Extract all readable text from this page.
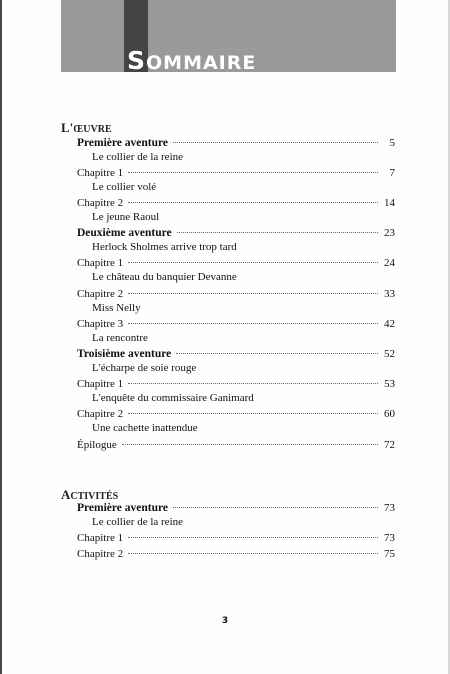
SOMMAIRE
L'ŒUVRE
Première aventure	5
Le collier de la reine
Chapitre 1	7
Le collier volé
Chapitre 2	14
Le jeune Raoul
Deuxième aventure	23
Herlock Sholmes arrive trop tard
Chapitre 1	24
Le château du banquier Devanne
Chapitre 2	33
Miss Nelly
Chapitre 3	42
La rencontre
Troisième aventure	52
L'écharpe de soie rouge
Chapitre 1	53
L'enquête du commissaire Ganimard
Chapitre 2	60
Une cachette inattendue
Épilogue	72
ACTIVITÉS
Première aventure	73
Le collier de la reine
Chapitre 1	73
Chapitre 2	75
3
